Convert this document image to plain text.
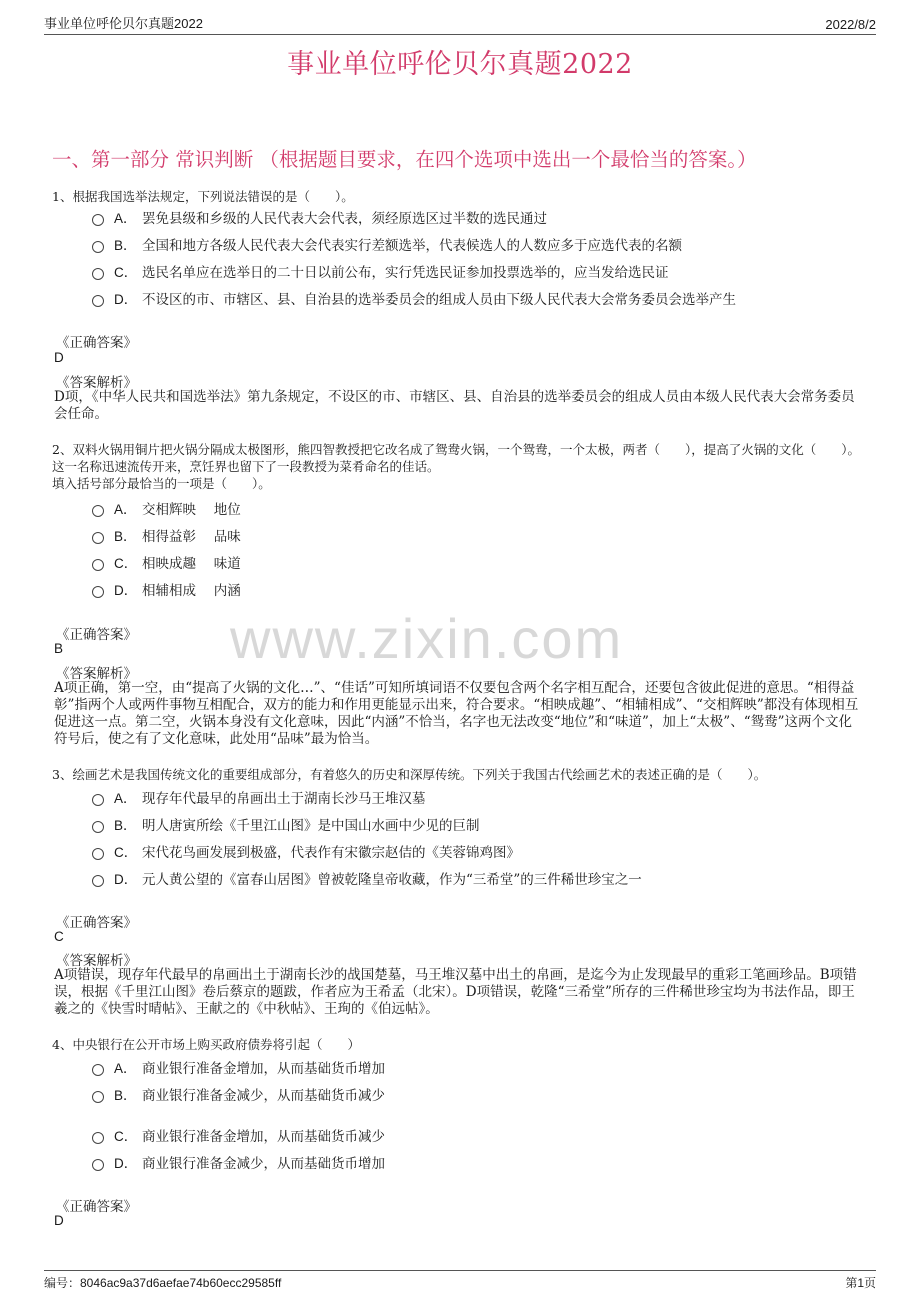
事业单位呼伦贝尔真题2022	2022/8/2
事业单位呼伦贝尔真题2022
一、第一部分 常识判断 （根据题目要求，在四个选项中选出一个最恰当的答案。）
www.zixin.com

1、根据我国选举法规定，下列说法错误的是（　　）。

A． 罢免县级和乡级的人民代表大会代表，须经原选区过半数的选民通过
B． 全国和地方各级人民代表大会代表实行差额选举，代表候选人的人数应多于应选代表的名额
C． 选民名单应在选举日的二十日以前公布，实行凭选民证参加投票选举的，应当发给选民证
D． 不设区的市、市辖区、县、自治县的选举委员会的组成人员由下级人民代表大会常务委员会选举产生
《正确答案》
D
《答案解析》
D项，《中华人民共和国选举法》第九条规定，不设区的市、市辖区、县、自治县的选举委员会的组成人员由本级人民代表大会常务委员会任命。

2、双料火锅用铜片把火锅分隔成太极图形，熊四智教授把它改名成了鸳鸯火锅，一个鸳鸯，一个太极，两者（　　），提高了火锅的文化（　　）。这一名称迅速流传开来，烹饪界也留下了一段教授为菜肴命名的佳话。

填入括号部分最恰当的一项是（　　）。

A． 交相辉映　 地位
B． 相得益彰　 品味
C． 相映成趣　 味道
D． 相辅相成　 内涵
《正确答案》
B
《答案解析》
A项正确，第一空，由“提高了火锅的文化…”、“佳话”可知所填词语不仅要包含两个名字相互配合，还要包含彼此促进的意思。“相得益彰”指两个人或两件事物互相配合，双方的能力和作用更能显示出来，符合要求。“相映成趣”、“相辅相成”、“交相辉映”都没有体现相互促进这一点。第二空，火锅本身没有文化意味，因此“内涵”不恰当，名字也无法改变“地位”和“味道”，加上“太极”、“鸳鸯”这两个文化符号后，使之有了文化意味，此处用“品味”最为恰当。

3、绘画艺术是我国传统文化的重要组成部分，有着悠久的历史和深厚传统。下列关于我国古代绘画艺术的表述正确的是（　　）。

A． 现存年代最早的帛画出土于湖南长沙马王堆汉墓
B． 明人唐寅所绘《千里江山图》是中国山水画中少见的巨制
C． 宋代花鸟画发展到极盛，代表作有宋徽宗赵佶的《芙蓉锦鸡图》
D． 元人黄公望的《富春山居图》曾被乾隆皇帝收藏，作为“三希堂”的三件稀世珍宝之一
《正确答案》
C
《答案解析》
A项错误，现存年代最早的帛画出土于湖南长沙的战国楚墓，马王堆汉墓中出土的帛画，是迄今为止发现最早的重彩工笔画珍品。B项错误，根据《千里江山图》卷后蔡京的题跋，作者应为王希孟（北宋）。D项错误，乾隆“三希堂”所存的三件稀世珍宝均为书法作品，即王羲之的《快雪时晴帖》、王献之的《中秋帖》、王珣的《伯远帖》。

4、中央银行在公开市场上购买政府债券将引起（　　）

A． 商业银行准备金增加，从而基础货币增加
B． 商业银行准备金减少，从而基础货币减少
C． 商业银行准备金增加，从而基础货币减少
D． 商业银行准备金减少，从而基础货币增加
《正确答案》
D
编号：8046ac9a37d6aefae74b60ecc29585ff	第1页
